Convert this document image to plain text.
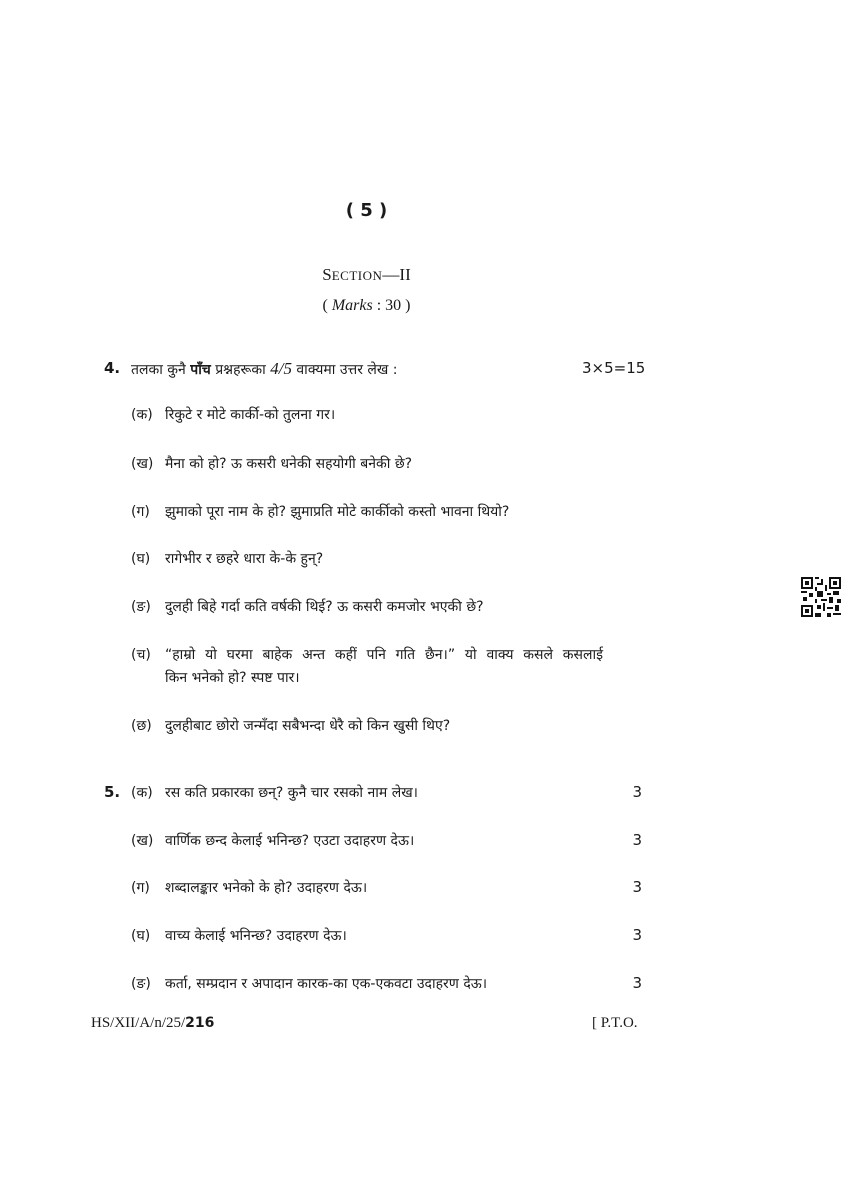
( 5 )
SECTION—II
( Marks : 30 )
4. तलका कुनै पाँच प्रश्नहरूका 4/5 वाक्यमा उत्तर लेख :	3×5=15
(क) रिकुटे र मोटे कार्की-को तुलना गर।
(ख) मैना को हो? ऊ कसरी धनेकी सहयोगी बनेकी छे?
(ग) झुमाको पूरा नाम के हो? झुमाप्रति मोटे कार्कीको कस्तो भावना थियो?
(घ) रागेभीर र छहरे धारा के-के हुन्?
(ङ) दुलही बिहे गर्दा कति वर्षकी थिई? ऊ कसरी कमजोर भएकी छे?
(च) “हाम्रो यो घरमा बाहेक अन्त कहीं पनि गति छैन।” यो वाक्य कसले कसलाई
किन भनेको हो? स्पष्ट पार।
(छ) दुलहीबाट छोरो जन्मँदा सबैभन्दा धेरै को किन खुसी थिए?
5. (क) रस कति प्रकारका छन्? कुनै चार रसको नाम लेख।	3
(ख) वार्णिक छन्द केलाई भनिन्छ? एउटा उदाहरण देऊ।	3
(ग) शब्दालङ्कार भनेको के हो? उदाहरण देऊ।	3
(घ) वाच्य केलाई भनिन्छ? उदाहरण देऊ।	3
(ङ) कर्ता, सम्प्रदान र अपादान कारक-का एक-एकवटा उदाहरण देऊ।	3
HS/XII/A/n/25/216	[ P.T.O.
